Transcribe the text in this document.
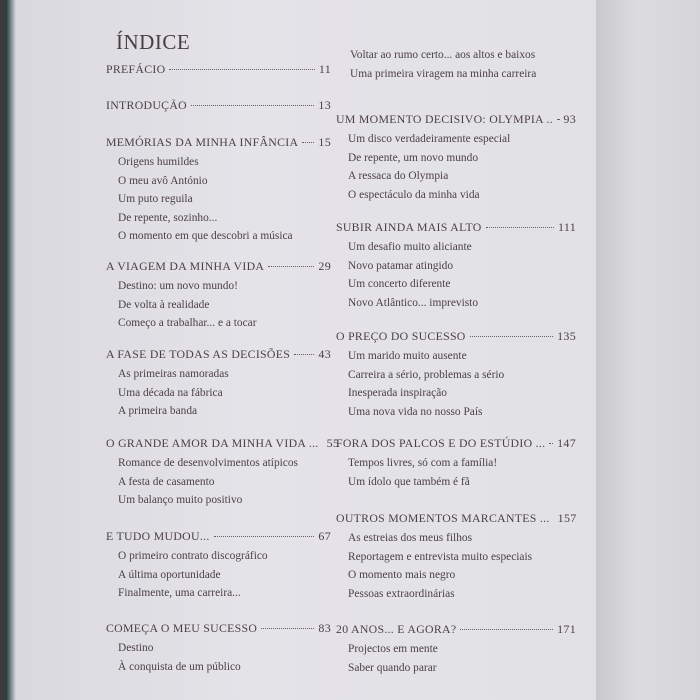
ÍNDICE
PREFÁCIO	11
INTRODUÇÃO	13
MEMÓRIAS DA MINHA INFÂNCIA 15
Origens humildes
O meu avô António
Um puto reguila
De repente, sozinho...
O momento em que descobri a música
A VIAGEM DA MINHA VIDA	29
Destino: um novo mundo!
De volta à realidade
Começo a trabalhar... e a tocar
A FASE DE TODAS AS DECISÕES 43
As primeiras namoradas
Uma década na fábrica
A primeira banda
O GRANDE AMOR DA MINHA VIDA ... 55
Romance de desenvolvimentos atípicos
A festa de casamento
Um balanço muito positivo
E TUDO MUDOU...	67
O primeiro contrato discográfico
A última oportunidade
Finalmente, uma carreira...
COMEÇA O MEU SUCESSO	83
Destino
À conquista de um público
Voltar ao rumo certo... aos altos e baixos
Uma primeira viragem na minha carreira
UM MOMENTO DECISIVO: OLYMPIA .. 93
Um disco verdadeiramente especial
De repente, um novo mundo
A ressaca do Olympia
O espectáculo da minha vida
SUBIR AINDA MAIS ALTO	111
Um desafio muito aliciante
Novo patamar atingido
Um concerto diferente
Novo Atlântico... imprevisto
O PREÇO DO SUCESSO	135
Um marido muito ausente
Carreira a sério, problemas a sério
Inesperada inspiração
Uma nova vida no nosso País
FORA DOS PALCOS E DO ESTÚDIO ... 147
Tempos livres, só com a família!
Um ídolo que também é fã
OUTROS MOMENTOS MARCANTES ... 157
As estreias dos meus filhos
Reportagem e entrevista muito especiais
O momento mais negro
Pessoas extraordinárias
20 ANOS... E AGORA?	171
Projectos em mente
Saber quando parar
